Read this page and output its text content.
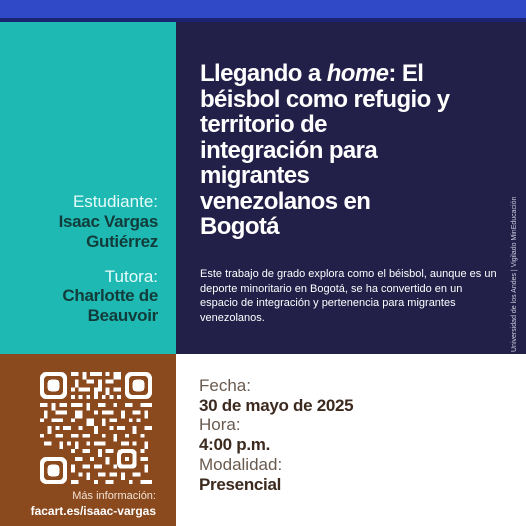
Estudiante:
Isaac Vargas
Gutiérrez
Tutora:
Charlotte de
Beauvoir
Llegando a home: El
béisbol como refugio y
territorio de
integración para
migrantes
venezolanos en
Bogotá
Este trabajo de grado explora como el béisbol, aunque es un deporte minoritario en Bogotá, se ha convertido en un espacio de integración y pertenencia para migrantes venezolanos.	Universidad de los Andes | Vigilado MinEducación
Más información:
facart.es/isaac-vargas
Fecha:
30 de mayo de 2025
Hora:
4:00 p.m.
Modalidad:
Presencial
